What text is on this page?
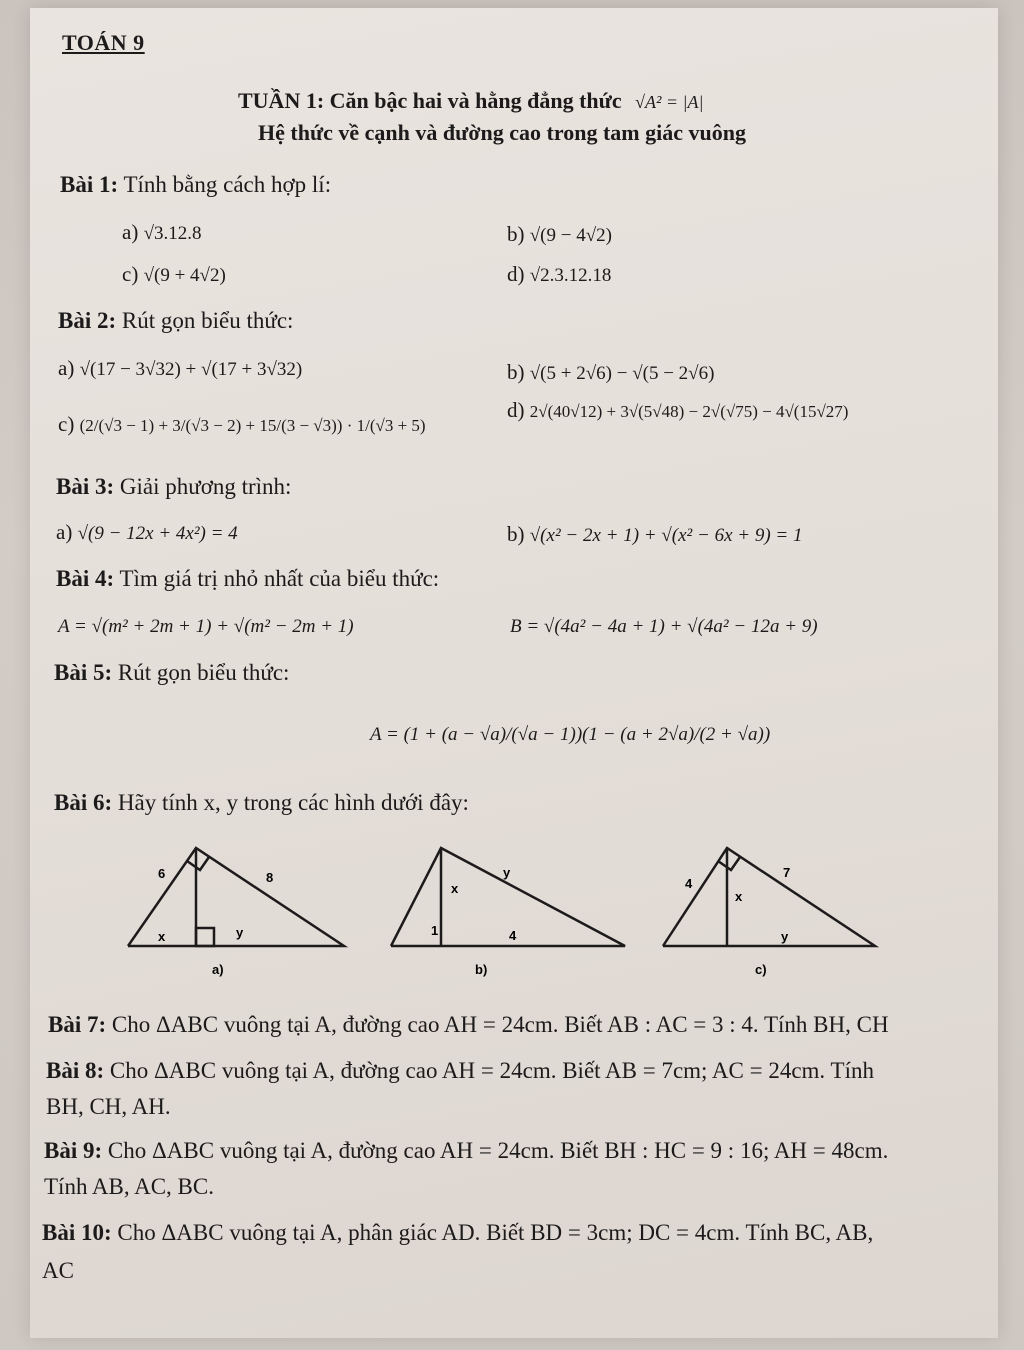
TOÁN 9
TUẦN 1: Căn bậc hai và hằng đẳng thức √A² = |A|
Hệ thức về cạnh và đường cao trong tam giác vuông
Bài 1: Tính bằng cách hợp lí:
a) √3.12.8	b) √(9 − 4√2)
c) √(9 + 4√2)	d) √2.3.12.18
Bài 2: Rút gọn biểu thức:
a) √(17 − 3√32) + √(17 + 3√32)	b) √(5 + 2√6) − √(5 − 2√6)
c) (2/(√3 − 1) + 3/(√3 − 2) + 15/(3 − √3)) · 1/(√3 + 5)
d) 2√(40√12) + 3√(5√48) − 2√(√75) − 4√(15√27)
Bài 3: Giải phương trình:
a) √(9 − 12x + 4x²) = 4	b) √(x² − 2x + 1) + √(x² − 6x + 9) = 1
Bài 4: Tìm giá trị nhỏ nhất của biểu thức:
A = √(m² + 2m + 1) + √(m² − 2m + 1)	B = √(4a² − 4a + 1) + √(4a² − 12a + 9)
Bài 5: Rút gọn biểu thức:
A = (1 + (a − √a)/(√a − 1))(1 − (a + 2√a)/(2 + √a))
Bài 6: Hãy tính x, y trong các hình dưới đây:
6	8
x	y
a)
x
y
1	4
b)
4
7
x
y
c)
Bài 7: Cho ΔABC vuông tại A, đường cao AH = 24cm. Biết AB : AC = 3 : 4. Tính BH, CH
Bài 8: Cho ΔABC vuông tại A, đường cao AH = 24cm. Biết AB = 7cm; AC = 24cm. Tính
BH, CH, AH.
Bài 9: Cho ΔABC vuông tại A, đường cao AH = 24cm. Biết BH : HC = 9 : 16; AH = 48cm.
Tính AB, AC, BC.
Bài 10: Cho ΔABC vuông tại A, phân giác AD. Biết BD = 3cm; DC = 4cm. Tính BC, AB,
AC
